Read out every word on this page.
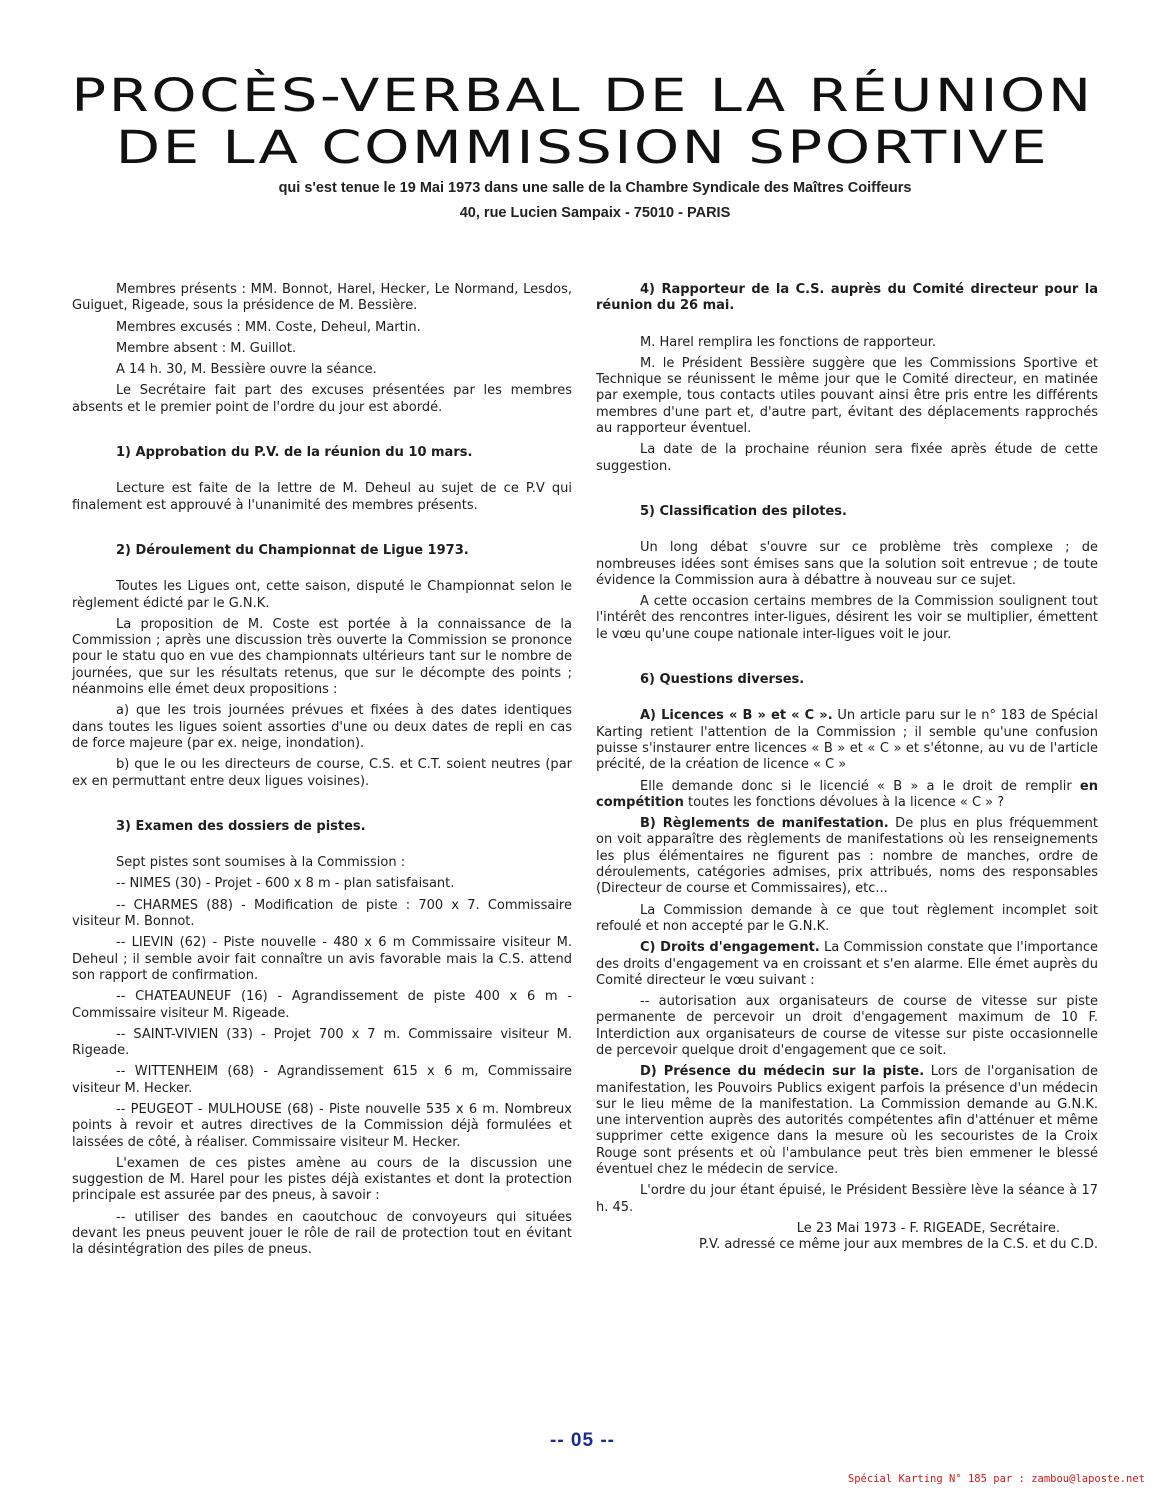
PROCÈS-VERBAL DE LA RÉUNION
DE LA COMMISSION SPORTIVE
qui s'est tenue le 19 Mai 1973 dans une salle de la Chambre Syndicale des Maîtres Coiffeurs
40, rue Lucien Sampaix - 75010 - PARIS

Membres présents : MM. Bonnot, Harel, Hecker, Le Normand, Lesdos, Guiguet, Rigeade, sous la présidence de M. Bessière.

Membres excusés : MM. Coste, Deheul, Martin.

Membre absent : M. Guillot.

A 14 h. 30, M. Bessière ouvre la séance.

Le Secrétaire fait part des excuses présentées par les membres absents et le premier point de l'ordre du jour est abordé.

1) Approbation du P.V. de la réunion du 10 mars.

Lecture est faite de la lettre de M. Deheul au sujet de ce P.V qui finalement est approuvé à l'unanimité des membres présents.

2) Déroulement du Championnat de Ligue 1973.

Toutes les Ligues ont, cette saison, disputé le Championnat selon le règlement édicté par le G.N.K.

La proposition de M. Coste est portée à la connaissance de la Commission ; après une discussion très ouverte la Commission se prononce pour le statu quo en vue des championnats ultérieurs tant sur le nombre de journées, que sur les résultats retenus, que sur le décompte des points ; néanmoins elle émet deux propositions :

a) que les trois journées prévues et fixées à des dates identiques dans toutes les ligues soient assorties d'une ou deux dates de repli en cas de force majeure (par ex. neige, inondation).

b) que le ou les directeurs de course, C.S. et C.T. soient neutres (par ex en permuttant entre deux ligues voisines).

3) Examen des dossiers de pistes.

Sept pistes sont soumises à la Commission :

-- NIMES (30) - Projet - 600 x 8 m - plan satisfaisant.

-- CHARMES (88) - Modification de piste : 700 x 7. Commissaire visiteur M. Bonnot.

-- LIEVIN (62) - Piste nouvelle - 480 x 6 m Commissaire visiteur M. Deheul ; il semble avoir fait connaître un avis favorable mais la C.S. attend son rapport de confirmation.

-- CHATEAUNEUF (16) - Agrandissement de piste 400 x 6 m - Commissaire visiteur M. Rigeade.

-- SAINT-VIVIEN (33) - Projet 700 x 7 m. Commissaire visiteur M. Rigeade.

-- WITTENHEIM (68) - Agrandissement 615 x 6 m, Commissaire visiteur M. Hecker.

-- PEUGEOT - MULHOUSE (68) - Piste nouvelle 535 x 6 m. Nombreux points à revoir et autres directives de la Commission déjà formulées et laissées de côté, à réaliser. Commissaire visiteur M. Hecker.

L'examen de ces pistes amène au cours de la discussion une suggestion de M. Harel pour les pistes déjà existantes et dont la protection principale est assurée par des pneus, à savoir :

-- utiliser des bandes en caoutchouc de convoyeurs qui situées devant les pneus peuvent jouer le rôle de rail de protection tout en évitant la désintégration des piles de pneus.

4) Rapporteur de la C.S. auprès du Comité directeur pour la réunion du 26 mai.

M. Harel remplira les fonctions de rapporteur.

M. le Président Bessière suggère que les Commissions Sportive et Technique se réunissent le même jour que le Comité directeur, en matinée par exemple, tous contacts utiles pouvant ainsi être pris entre les différents membres d'une part et, d'autre part, évitant des déplacements rapprochés au rapporteur éventuel.

La date de la prochaine réunion sera fixée après étude de cette suggestion.

5) Classification des pilotes.

Un long débat s'ouvre sur ce problème très complexe ; de nombreuses idées sont émises sans que la solution soit entrevue ; de toute évidence la Commission aura à débattre à nouveau sur ce sujet.

A cette occasion certains membres de la Commission soulignent tout l'intérêt des rencontres inter-ligues, désirent les voir se multiplier, émettent le vœu qu'une coupe nationale inter-ligues voit le jour.

6) Questions diverses.

A) Licences « B » et « C ». Un article paru sur le n° 183 de Spécial Karting retient l'attention de la Commission ; il semble qu'une confusion puisse s'instaurer entre licences « B » et « C » et s'étonne, au vu de l'article précité, de la création de licence « C »

Elle demande donc si le licencié « B » a le droit de remplir en compétition toutes les fonctions dévolues à la licence « C » ?

B) Règlements de manifestation. De plus en plus fréquemment on voit apparaître des règlements de manifestations où les renseignements les plus élémentaires ne figurent pas : nombre de manches, ordre de déroulements, catégories admises, prix attribués, noms des responsables (Directeur de course et Commissaires), etc...

La Commission demande à ce que tout règlement incomplet soit refoulé et non accepté par le G.N.K.

C) Droits d'engagement. La Commission constate que l'importance des droits d'engagement va en croissant et s'en alarme. Elle émet auprès du Comité directeur le vœu suivant :

-- autorisation aux organisateurs de course de vitesse sur piste permanente de percevoir un droit d'engagement maximum de 10 F. Interdiction aux organisateurs de course de vitesse sur piste occasionnelle de percevoir quelque droit d'engagement que ce soit.

D) Présence du médecin sur la piste. Lors de l'organisation de manifestation, les Pouvoirs Publics exigent parfois la présence d'un médecin sur le lieu même de la manifestation. La Commission demande au G.N.K. une intervention auprès des autorités compétentes afin d'atténuer et même supprimer cette exigence dans la mesure où les secouristes de la Croix Rouge sont présents et où l'ambulance peut très bien emmener le blessé éventuel chez le médecin de service.

L'ordre du jour étant épuisé, le Président Bessière lève la séance à 17 h. 45.

Le 23 Mai 1973 - F. RIGEADE, Secrétaire.

P.V. adressé ce même jour aux membres de la C.S. et du C.D.

-- 05 --
Spécial Karting N° 185 par : zambou@laposte.net
